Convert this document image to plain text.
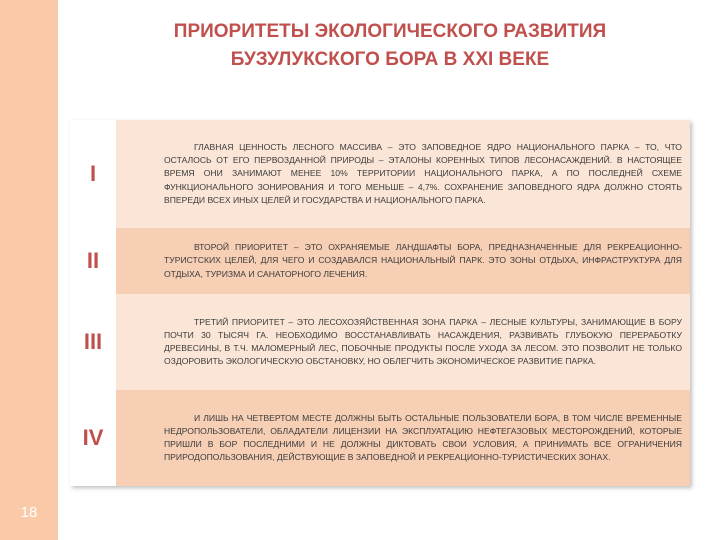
18
ПРИОРИТЕТЫ ЭКОЛОГИЧЕСКОГО РАЗВИТИЯ
БУЗУЛУКСКОГО БОРА В XXI ВЕКЕ
I
ГЛАВНАЯ ЦЕННОСТЬ ЛЕСНОГО МАССИВА – ЭТО ЗАПОВЕДНОЕ ЯДРО НАЦИОНАЛЬНОГО ПАРКА – ТО, ЧТО ОСТАЛОСЬ ОТ ЕГО ПЕРВОЗДАННОЙ ПРИРОДЫ – ЭТАЛОНЫ КОРЕННЫХ ТИПОВ ЛЕСОНАСАЖДЕНИЙ. В НАСТОЯЩЕЕ ВРЕМЯ ОНИ ЗАНИМАЮТ МЕНЕЕ 10% ТЕРРИТОРИИ НАЦИОНАЛЬНОГО ПАРКА, А ПО ПОСЛЕДНЕЙ СХЕМЕ ФУНКЦИОНАЛЬНОГО ЗОНИРОВАНИЯ И ТОГО МЕНЬШЕ – 4,7%. СОХРАНЕНИЕ ЗАПОВЕДНОГО ЯДРА ДОЛЖНО СТОЯТЬ ВПЕРЕДИ ВСЕХ ИНЫХ ЦЕЛЕЙ И ГОСУДАРСТВА И НАЦИОНАЛЬНОГО ПАРКА.
II
ВТОРОЙ ПРИОРИТЕТ – ЭТО ОХРАНЯЕМЫЕ ЛАНДШАФТЫ БОРА, ПРЕДНАЗНАЧЕННЫЕ ДЛЯ РЕКРЕАЦИОННО-ТУРИСТСКИХ ЦЕЛЕЙ, ДЛЯ ЧЕГО И СОЗДАВАЛСЯ НАЦИОНАЛЬНЫЙ ПАРК. ЭТО ЗОНЫ ОТДЫХА, ИНФРАСТРУКТУРА ДЛЯ ОТДЫХА, ТУРИЗМА И САНАТОРНОГО ЛЕЧЕНИЯ.
III
ТРЕТИЙ ПРИОРИТЕТ – ЭТО ЛЕСОХОЗЯЙСТВЕННАЯ ЗОНА ПАРКА – ЛЕСНЫЕ КУЛЬТУРЫ, ЗАНИМАЮЩИЕ В БОРУ ПОЧТИ 30 ТЫСЯЧ ГА. НЕОБХОДИМО ВОССТАНАВЛИВАТЬ НАСАЖДЕНИЯ, РАЗВИВАТЬ ГЛУБОКУЮ ПЕРЕРАБОТКУ ДРЕВЕСИНЫ, В Т.Ч. МАЛОМЕРНЫЙ ЛЕС, ПОБОЧНЫЕ ПРОДУКТЫ ПОСЛЕ УХОДА ЗА ЛЕСОМ. ЭТО ПОЗВОЛИТ НЕ ТОЛЬКО ОЗДОРОВИТЬ ЭКОЛОГИЧЕСКУЮ ОБСТАНОВКУ, НО ОБЛЕГЧИТЬ ЭКОНОМИЧЕСКОЕ РАЗВИТИЕ ПАРКА.
IV
И ЛИШЬ НА ЧЕТВЕРТОМ МЕСТЕ ДОЛЖНЫ БЫТЬ ОСТАЛЬНЫЕ ПОЛЬЗОВАТЕЛИ БОРА, В ТОМ ЧИСЛЕ ВРЕМЕННЫЕ НЕДРОПОЛЬЗОВАТЕЛИ, ОБЛАДАТЕЛИ ЛИЦЕНЗИИ НА ЭКСПЛУАТАЦИЮ НЕФТЕГАЗОВЫХ МЕСТОРОЖДЕНИЙ, КОТОРЫЕ ПРИШЛИ В БОР ПОСЛЕДНИМИ И НЕ ДОЛЖНЫ ДИКТОВАТЬ СВОИ УСЛОВИЯ, А ПРИНИМАТЬ ВСЕ ОГРАНИЧЕНИЯ ПРИРОДОПОЛЬЗОВАНИЯ, ДЕЙСТВУЮЩИЕ В ЗАПОВЕДНОЙ И РЕКРЕАЦИОННО-ТУРИСТИЧЕСКИХ ЗОНАХ.
